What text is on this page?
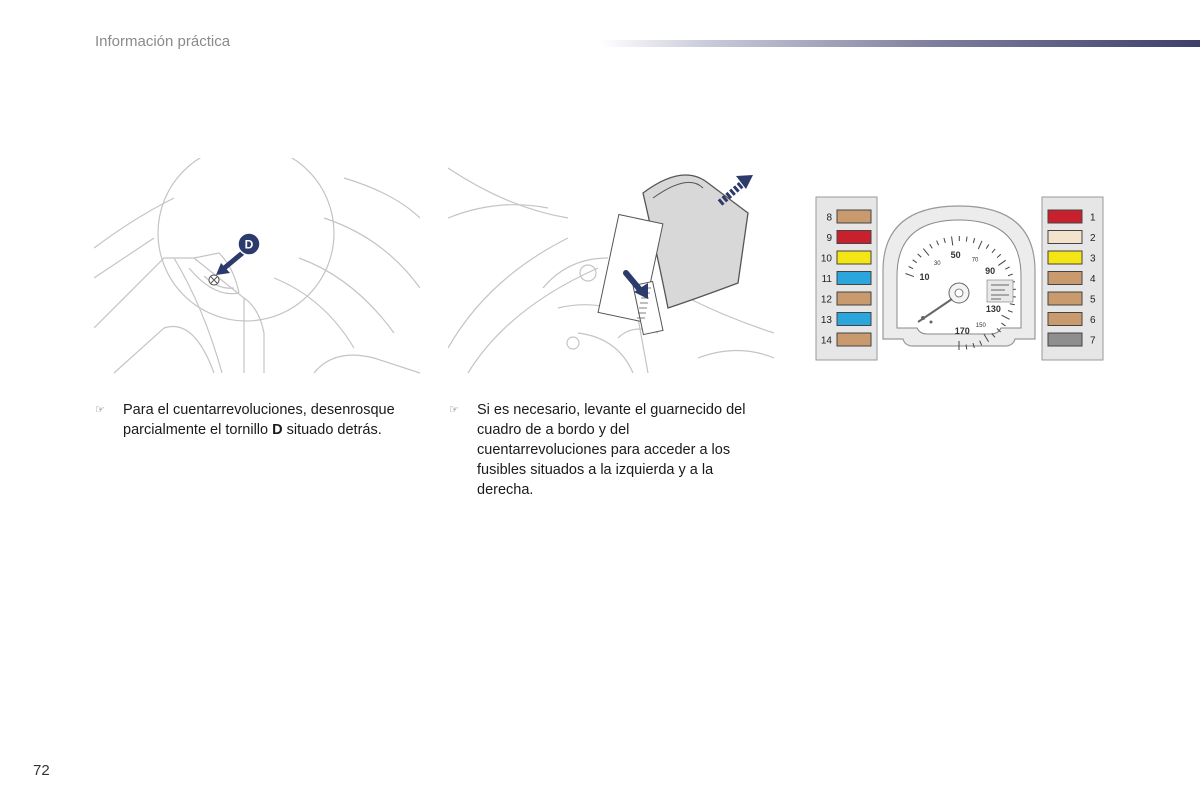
Información práctica
D
8
9
10
11
12
13
14
1
2
3
4
5
6
7
10
30
50
70
90
130
150
170
☞ Para el cuentarrevoluciones, desenrosque parcialmente el tornillo D situado detrás.
☞ Si es necesario, levante el guarnecido del cuadro de a bordo y del cuentarrevoluciones para acceder a los fusibles situados a la izquierda y a la derecha.
72
